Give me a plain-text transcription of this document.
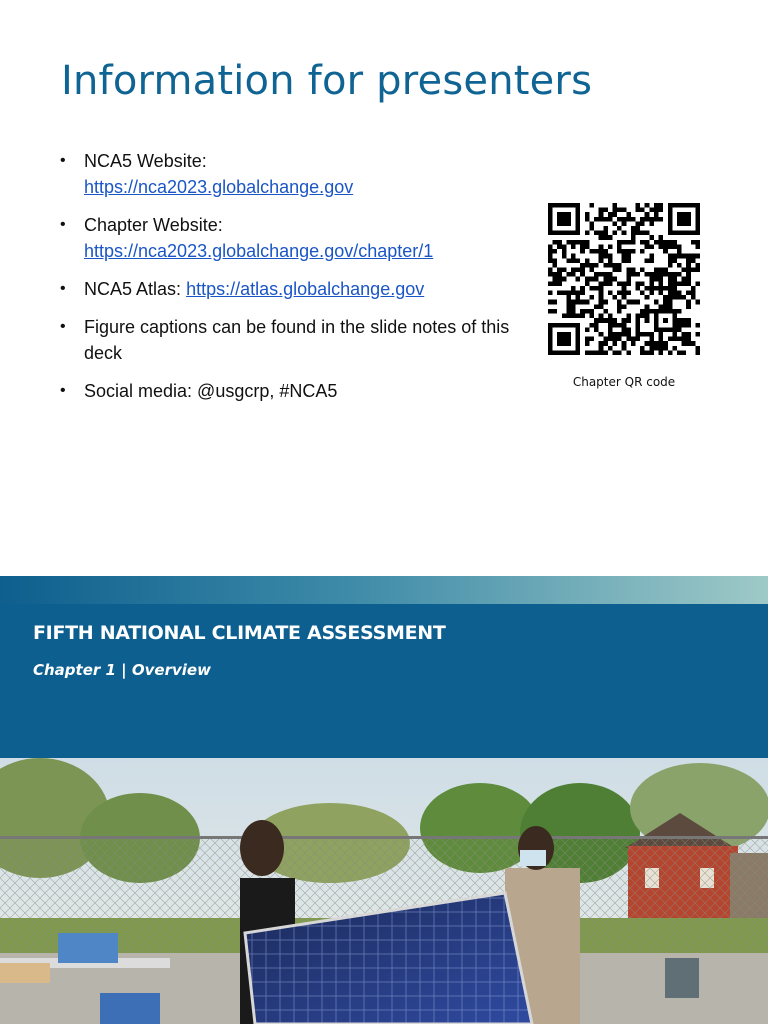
Information for presenters
• NCA5 Website:
https://nca2023.globalchange.gov
• Chapter Website:
https://nca2023.globalchange.gov/chapter/1
• NCA5 Atlas: https://atlas.globalchange.gov
• Figure captions can be found in the slide notes of this deck
• Social media: @usgcrp, #NCA5	Chapter QR code
FIFTH NATIONAL CLIMATE ASSESSMENT
Chapter 1 | Overview
